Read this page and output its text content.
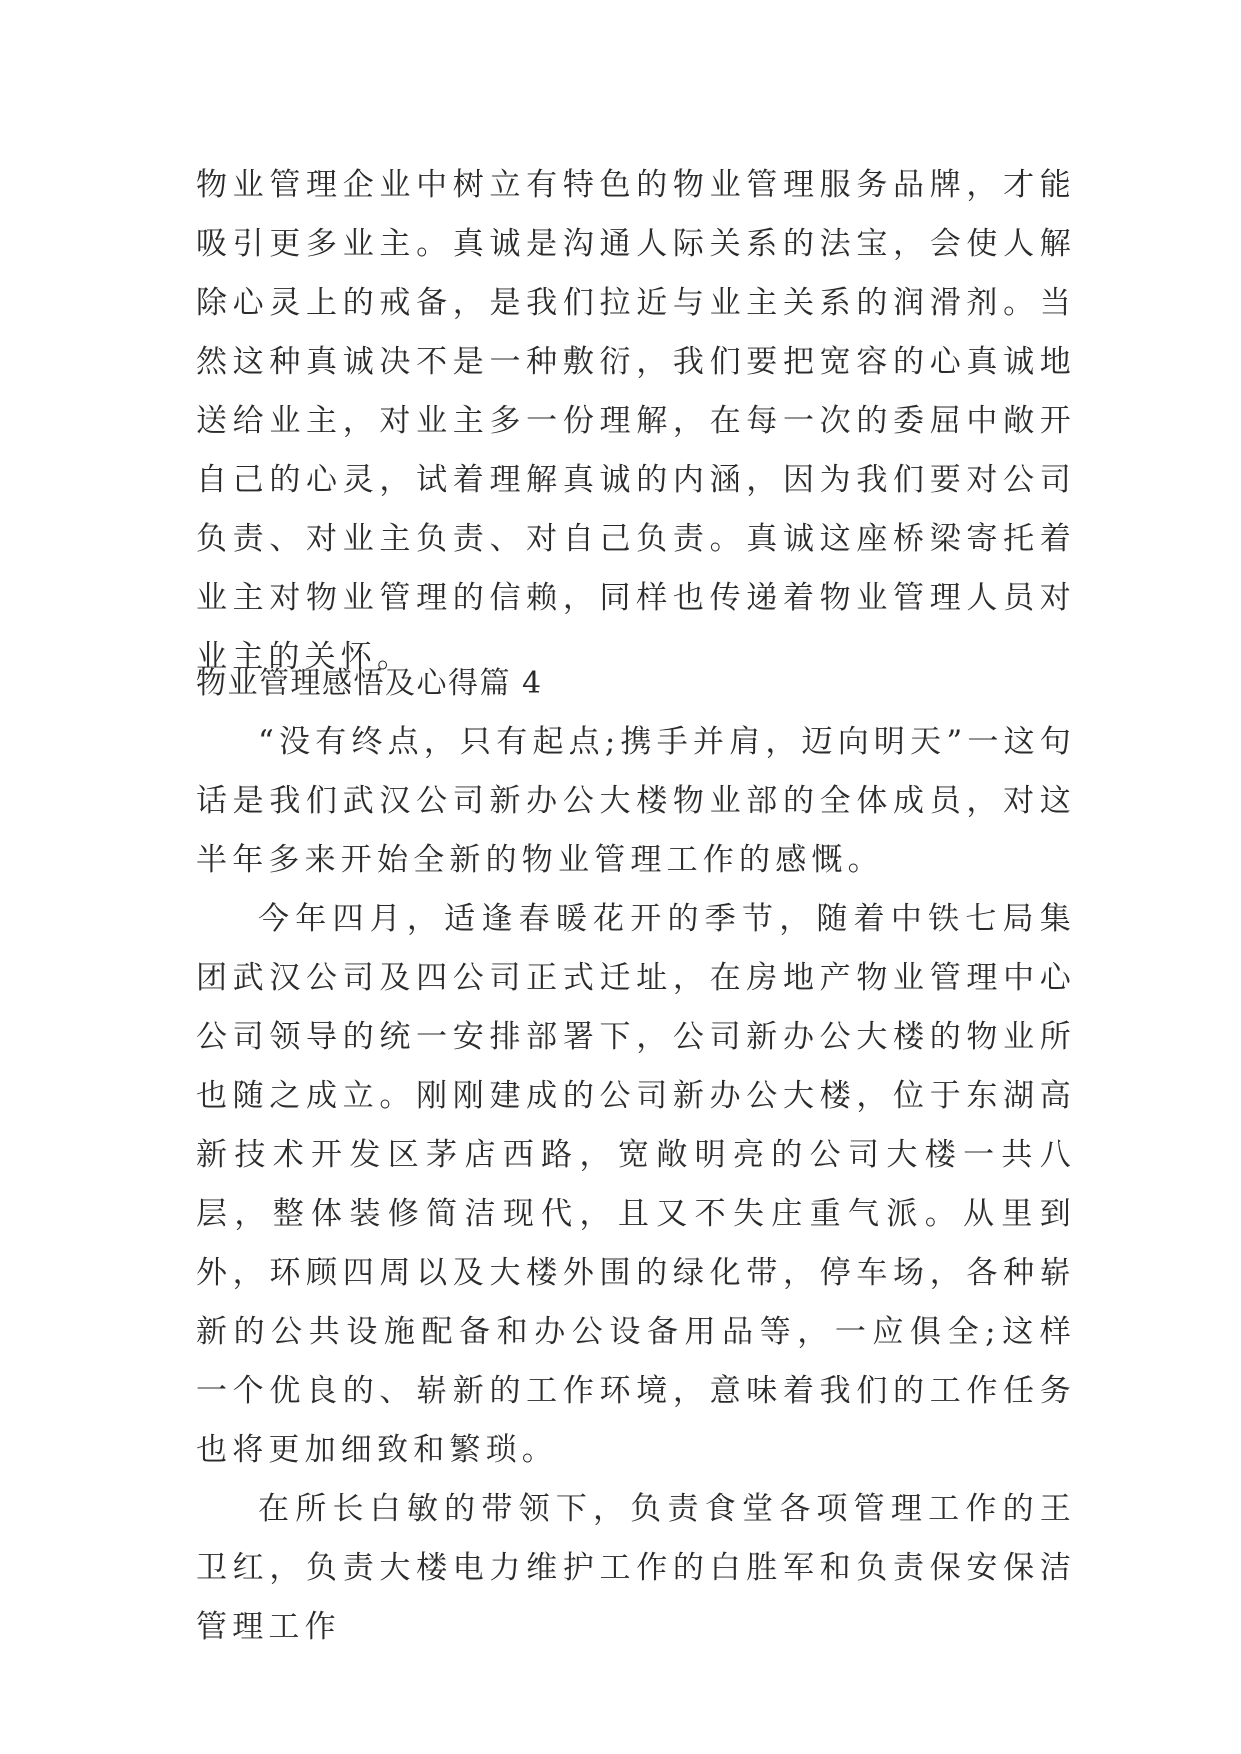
物业管理企业中树立有特色的物业管理服务品牌，才能吸引更多业主。真诚是沟通人际关系的法宝，会使人解除心灵上的戒备，是我们拉近与业主关系的润滑剂。当然这种真诚决不是一种敷衍，我们要把宽容的心真诚地送给业主，对业主多一份理解，在每一次的委屈中敞开自己的心灵，试着理解真诚的内涵，因为我们要对公司负责、对业主负责、对自己负责。真诚这座桥梁寄托着业主对物业管理的信赖，同样也传递着物业管理人员对业主的关怀。

物业管理感悟及心得篇 4

“没有终点，只有起点;携手并肩，迈向明天”一这句话是我们武汉公司新办公大楼物业部的全体成员，对这半年多来开始全新的物业管理工作的感慨。

今年四月，适逢春暖花开的季节，随着中铁七局集团武汉公司及四公司正式迁址，在房地产物业管理中心公司领导的统一安排部署下，公司新办公大楼的物业所也随之成立。刚刚建成的公司新办公大楼，位于东湖高新技术开发区茅店西路，宽敞明亮的公司大楼一共八层，整体装修简洁现代，且又不失庄重气派。从里到外，环顾四周以及大楼外围的绿化带，停车场，各种崭新的公共设施配备和办公设备用品等，一应俱全;这样一个优良的、崭新的工作环境，意味着我们的工作任务也将更加细致和繁琐。

在所长白敏的带领下，负责食堂各项管理工作的王卫红，负责大楼电力维护工作的白胜军和负责保安保洁管理工作
